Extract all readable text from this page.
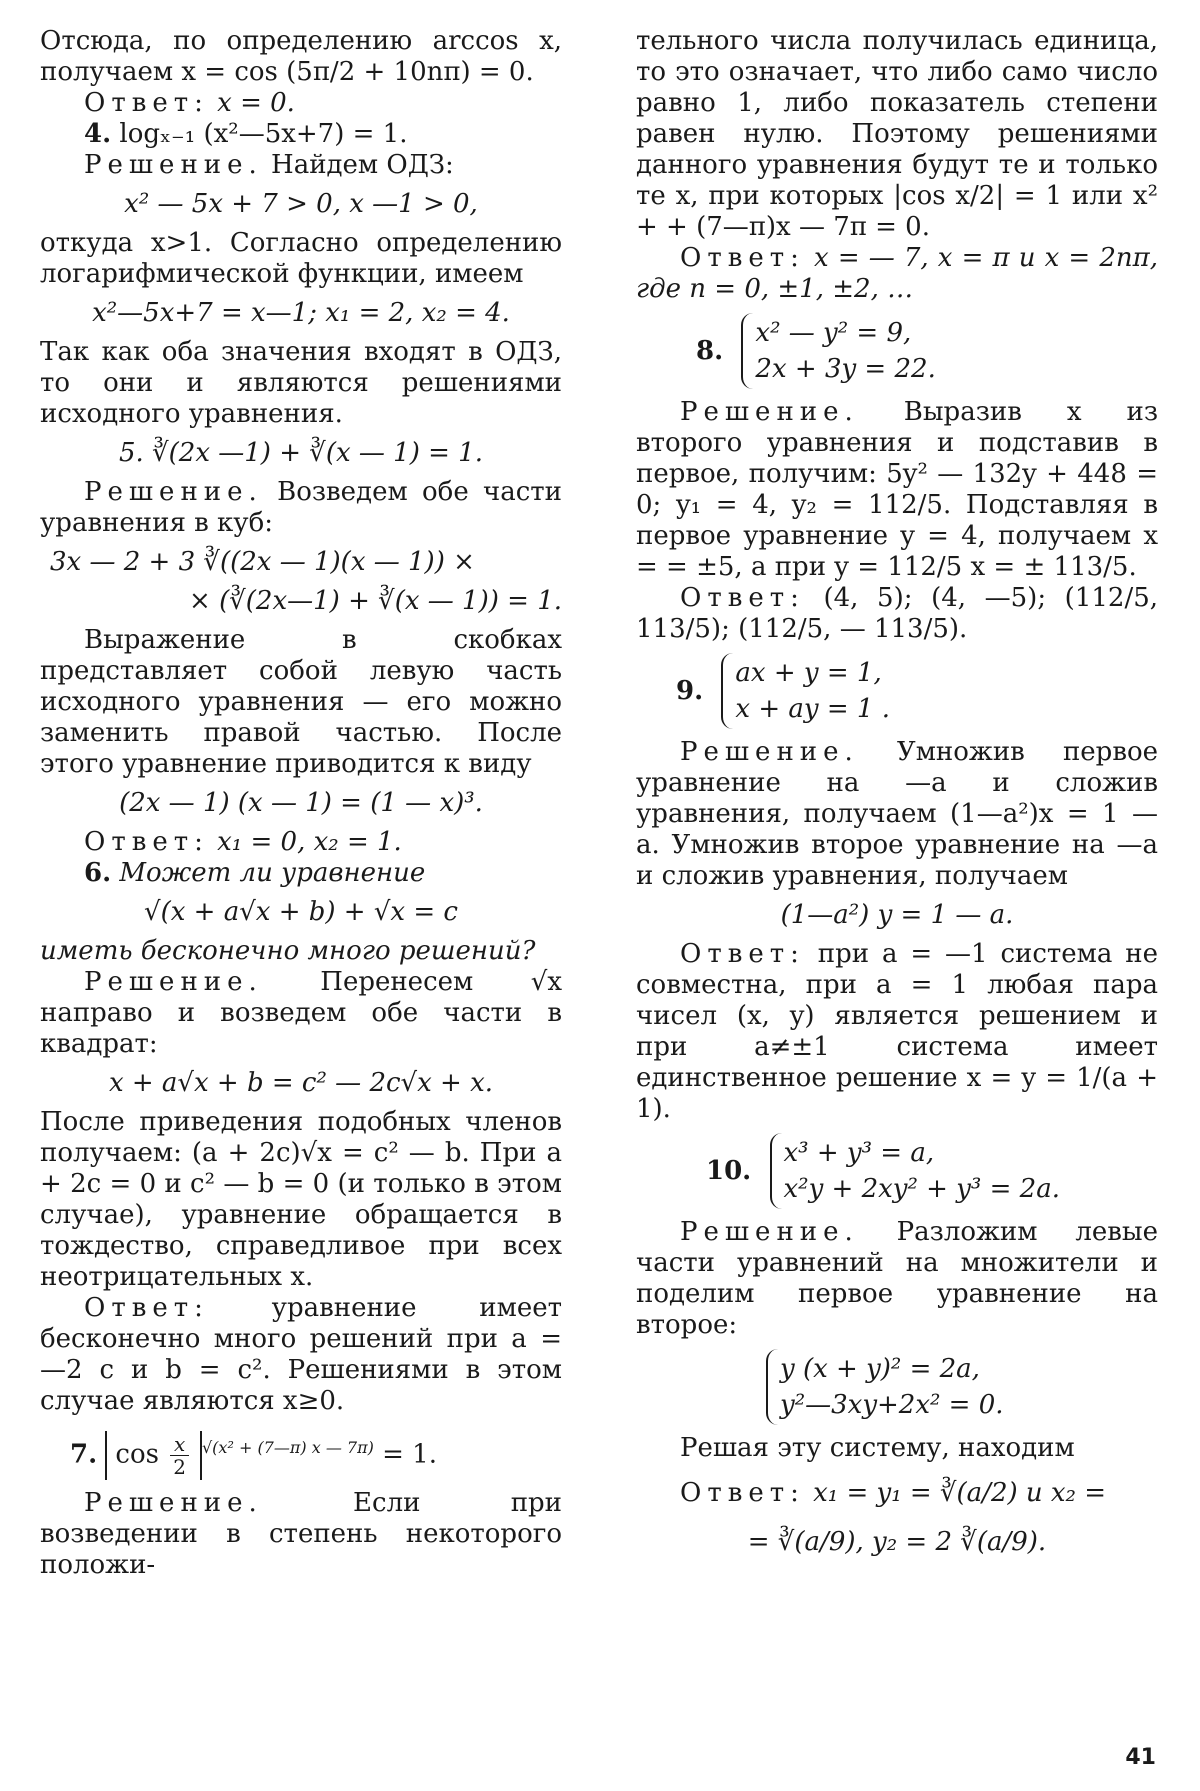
Отсюда, по определению arccos x, получаем x = cos (5π/2 + 10nπ) = 0.

Ответ: x = 0.

4. logₓ₋₁ (x²—5x+7) = 1.

Решение. Найдем ОДЗ:

x² — 5x + 7 > 0, x —1 > 0,

откуда x>1. Согласно определению логарифмической функции, имеем

x²—5x+7 = x—1; x₁ = 2, x₂ = 4.

Так как оба значения входят в ОДЗ, то они и являются решениями исходного уравнения.

5. ∛(2x —1) + ∛(x — 1) = 1.

Решение. Возведем обе части уравнения в куб:

3x — 2 + 3 ∛((2x — 1)(x — 1)) ×
× (∛(2x—1) + ∛(x — 1)) = 1.

Выражение в скобках представляет собой левую часть исходного уравнения — его можно заменить правой частью. После этого уравнение приводится к виду

(2x — 1) (x — 1) = (1 — x)³.

Ответ: x₁ = 0, x₂ = 1.

6. Может ли уравнение

√(x + a√x + b) + √x = c

иметь бесконечно много решений?

Решение. Перенесем √x направо и возведем обе части в квадрат:

x + a√x + b = c² — 2c√x + x.

После приведения подобных членов получаем: (a + 2c)√x = c² — b. При a + 2c = 0 и c² — b = 0 (и только в этом случае), уравнение обращается в тождество, справедливое при всех неотрицательных x.

Ответ: уравнение имеет бесконечно много решений при a = —2 c и b = c². Решениями в этом случае являются x≥0.

7. $\cos \frac{x}{2} ^{√(x^2 + (7—\pi) x — 7\pi)} = 1$.

Решение.	Если при возведении в степень некоторого положи-

тельного числа получилась единица, то это означает, что либо само число равно 1, либо показатель степени равен нулю. Поэтому решениями данного уравнения будут те и только те x, при которых |cos x/2| = 1 или x² + + (7—π)x — 7π = 0.

Ответ: x = — 7, x = π и x = 2nπ, где n = 0, ±1, ±2, …

8.
x² — y² = 9,
2x + 3y = 22.

Решение. Выразив x из второго уравнения и подставив в первое, получим: 5y² — 132y + 448 = 0; y₁ = 4, y₂ = 112/5. Подставляя в первое уравнение y = 4, получаем x = = ±5, а при y = 112/5 x = ± 113/5.

Ответ: (4, 5); (4, —5); (112/5, 113/5); (112/5, — 113/5).

9.
ax + y = 1,
x + ay = 1 .

Решение. Умножив первое уравнение на —a и сложив уравнения, получаем (1—a²)x = 1 — a. Умножив второе уравнение на —a и сложив уравнения, получаем

(1—a²) y = 1 — a.

Ответ: при a = —1 система не совместна, при a = 1 любая пара чисел (x, y) является решением и при a≠±1 система имеет единственное решение x = y = 1/(a + 1).

10.
x³ + y³ = a,
x²y + 2xy² + y³ = 2a.

Решение. Разложим левые части уравнений на множители и поделим первое уравнение на второе:

y (x + y)² = 2a,
y²—3xy+2x² = 0.

Решая эту систему, находим

Ответ: x₁ = y₁ = ∛(a/2) и x₂ =

= ∛(a/9), y₂ = 2 ∛(a/9).
41
